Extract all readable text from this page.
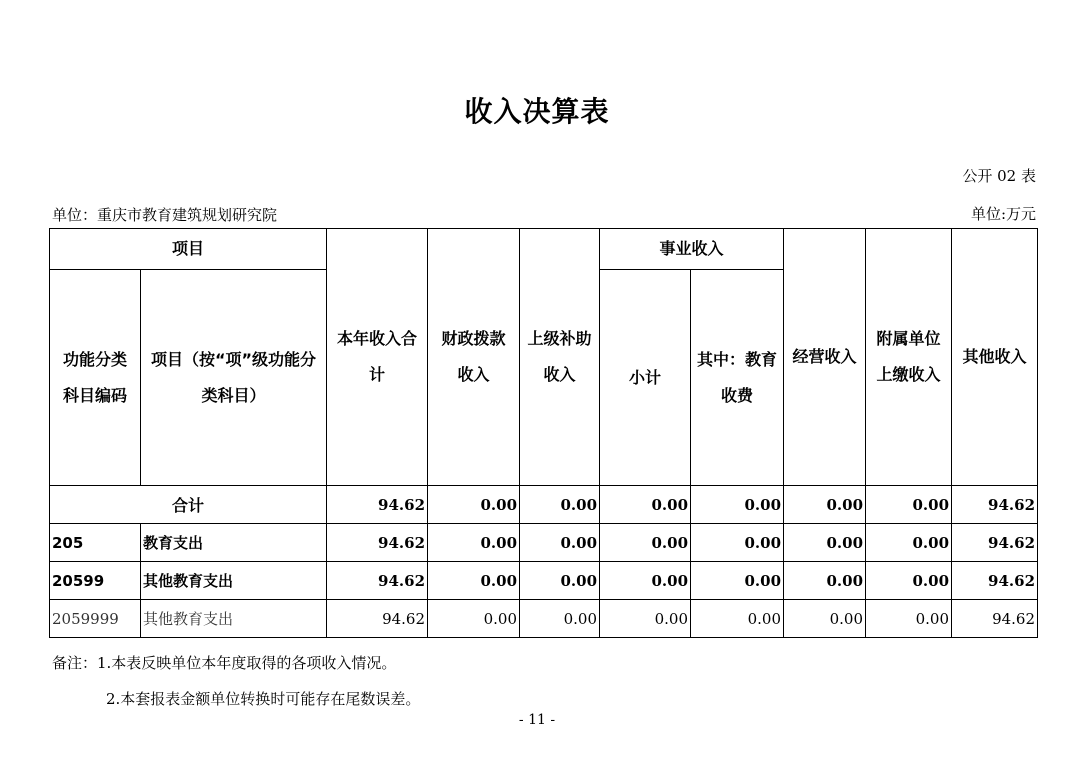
收入决算表
公开 02 表
单位：重庆市教育建筑规划研究院	单位:万元
项目		本年收入合计	财政拨款收入	上级补助收入	事业收入		经营收入	附属单位上缴收入	其他收入

功能分类科目编码	项目（按“项”级功能分类科目）				小计	其中：教育收费			

合计		94.62	0.00	0.00	0.00	0.00	0.00	0.00	94.62
205	教育支出	94.62	0.00	0.00	0.00	0.00	0.00	0.00	94.62
20599	其他教育支出	94.62	0.00	0.00	0.00	0.00	0.00	0.00	94.62
2059999	其他教育支出	94.62	0.00	0.00	0.00	0.00	0.00	0.00	94.62
备注：1.本表反映单位本年度取得的各项收入情况。
2.本套报表金额单位转换时可能存在尾数误差。
- 11 -
